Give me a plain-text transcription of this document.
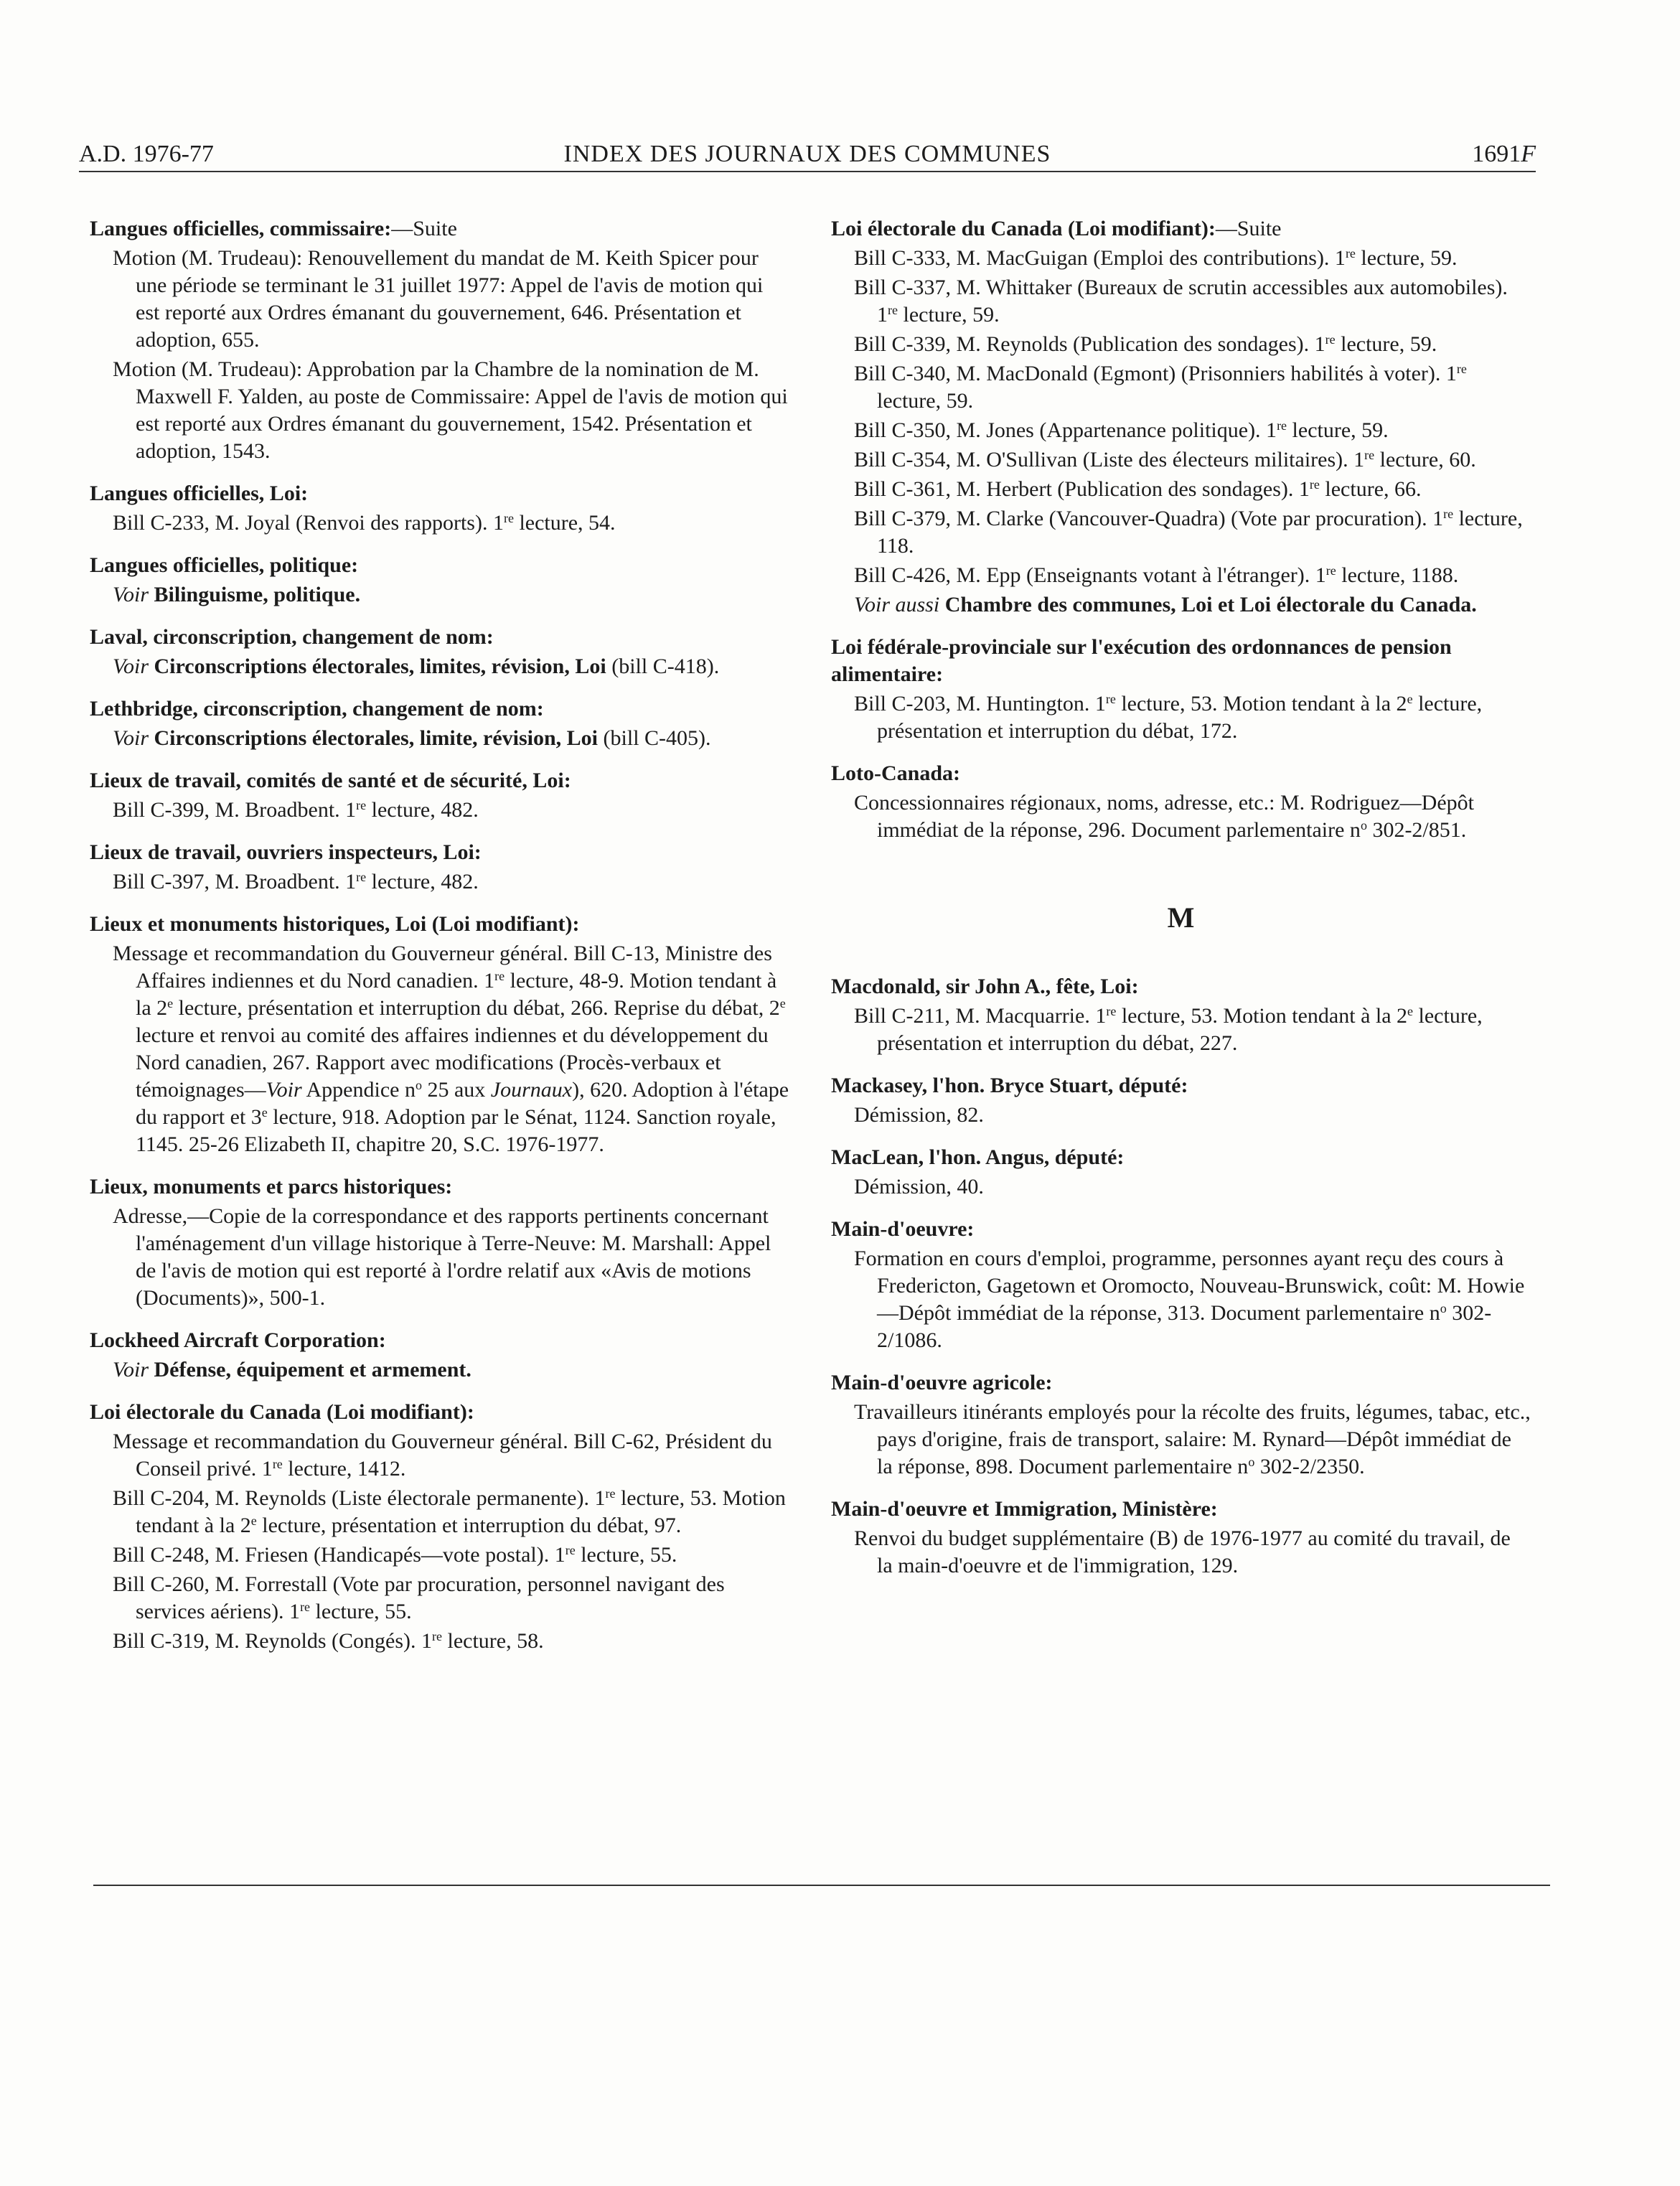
A.D. 1976-77	INDEX DES JOURNAUX DES COMMUNES	1691F
Langues officielles, commissaire:—Suite
Motion (M. Trudeau): Renouvellement du mandat de M. Keith Spicer pour une période se terminant le 31 juillet 1977: Appel de l'avis de motion qui est reporté aux Ordres émanant du gouvernement, 646. Présentation et adoption, 655.
Motion (M. Trudeau): Approbation par la Chambre de la nomination de M. Maxwell F. Yalden, au poste de Commissaire: Appel de l'avis de motion qui est reporté aux Ordres émanant du gouvernement, 1542. Présentation et adoption, 1543.
Langues officielles, Loi:
Bill C-233, M. Joyal (Renvoi des rapports). 1re lecture, 54.
Langues officielles, politique:
Voir Bilinguisme, politique.
Laval, circonscription, changement de nom:
Voir Circonscriptions électorales, limites, révision, Loi (bill C-418).
Lethbridge, circonscription, changement de nom:
Voir Circonscriptions électorales, limite, révision, Loi (bill C-405).
Lieux de travail, comités de santé et de sécurité, Loi:
Bill C-399, M. Broadbent. 1re lecture, 482.
Lieux de travail, ouvriers inspecteurs, Loi:
Bill C-397, M. Broadbent. 1re lecture, 482.
Lieux et monuments historiques, Loi (Loi modifiant):
Message et recommandation du Gouverneur général. Bill C-13, Ministre des Affaires indiennes et du Nord canadien. 1re lecture, 48-9. Motion tendant à la 2e lecture, présentation et interruption du débat, 266. Reprise du débat, 2e lecture et renvoi au comité des affaires indiennes et du développement du Nord canadien, 267. Rapport avec modifications (Procès-verbaux et témoignages—Voir Appendice $n^o$ 25 aux Journaux), 620. Adoption à l'étape du rapport et 3e lecture, 918. Adoption par le Sénat, 1124. Sanction royale, 1145. 25-26 Elizabeth II, chapitre 20, S.C. 1976-1977.
Lieux, monuments et parcs historiques:
Adresse,—Copie de la correspondance et des rapports pertinents concernant l'aménagement d'un village historique à Terre-Neuve: M. Marshall: Appel de l'avis de motion qui est reporté à l'ordre relatif aux «Avis de motions (Documents)», 500-1.
Lockheed Aircraft Corporation:
Voir Défense, équipement et armement.
Loi électorale du Canada (Loi modifiant):
Message et recommandation du Gouverneur général. Bill C-62, Président du Conseil privé. 1re lecture, 1412.
Bill C-204, M. Reynolds (Liste électorale permanente). 1re lecture, 53. Motion tendant à la 2e lecture, présentation et interruption du débat, 97.
Bill C-248, M. Friesen (Handicapés—vote postal). 1re lecture, 55.
Bill C-260, M. Forrestall (Vote par procuration, personnel navigant des services aériens). 1re lecture, 55.
Bill C-319, M. Reynolds (Congés). 1re lecture, 58.
Loi électorale du Canada (Loi modifiant):—Suite
Bill C-333, M. MacGuigan (Emploi des contributions). 1re lecture, 59.
Bill C-337, M. Whittaker (Bureaux de scrutin accessibles aux automobiles). 1re lecture, 59.
Bill C-339, M. Reynolds (Publication des sondages). 1re lecture, 59.
Bill C-340, M. MacDonald (Egmont) (Prisonniers habilités à voter). 1re lecture, 59.
Bill C-350, M. Jones (Appartenance politique). 1re lecture, 59.
Bill C-354, M. O'Sullivan (Liste des électeurs militaires). 1re lecture, 60.
Bill C-361, M. Herbert (Publication des sondages). 1re lecture, 66.
Bill C-379, M. Clarke (Vancouver-Quadra) (Vote par procuration). 1re lecture, 118.
Bill C-426, M. Epp (Enseignants votant à l'étranger). 1re lecture, 1188.
Voir aussi Chambre des communes, Loi et Loi électorale du Canada.
Loi fédérale-provinciale sur l'exécution des ordonnances de pension alimentaire:
Bill C-203, M. Huntington. 1re lecture, 53. Motion tendant à la 2e lecture, présentation et interruption du débat, 172.
Loto-Canada:
Concessionnaires régionaux, noms, adresse, etc.: M. Rodriguez—Dépôt immédiat de la réponse, 296. Document parlementaire $n^o$ 302-2/851.
M
Macdonald, sir John A., fête, Loi:
Bill C-211, M. Macquarrie. 1re lecture, 53. Motion tendant à la 2e lecture, présentation et interruption du débat, 227.
Mackasey, l'hon. Bryce Stuart, député:
Démission, 82.
MacLean, l'hon. Angus, député:
Démission, 40.
Main-d'oeuvre:
Formation en cours d'emploi, programme, personnes ayant reçu des cours à Fredericton, Gagetown et Oromocto, Nouveau-Brunswick, coût: M. Howie—Dépôt immédiat de la réponse, 313. Document parlementaire $n^o$ 302-2/1086.
Main-d'oeuvre agricole:
Travailleurs itinérants employés pour la récolte des fruits, légumes, tabac, etc., pays d'origine, frais de transport, salaire: M. Rynard—Dépôt immédiat de la réponse, 898. Document parlementaire $n^o$ 302-2/2350.
Main-d'oeuvre et Immigration, Ministère:
Renvoi du budget supplémentaire (B) de 1976-1977 au comité du travail, de la main-d'oeuvre et de l'immigration, 129.
